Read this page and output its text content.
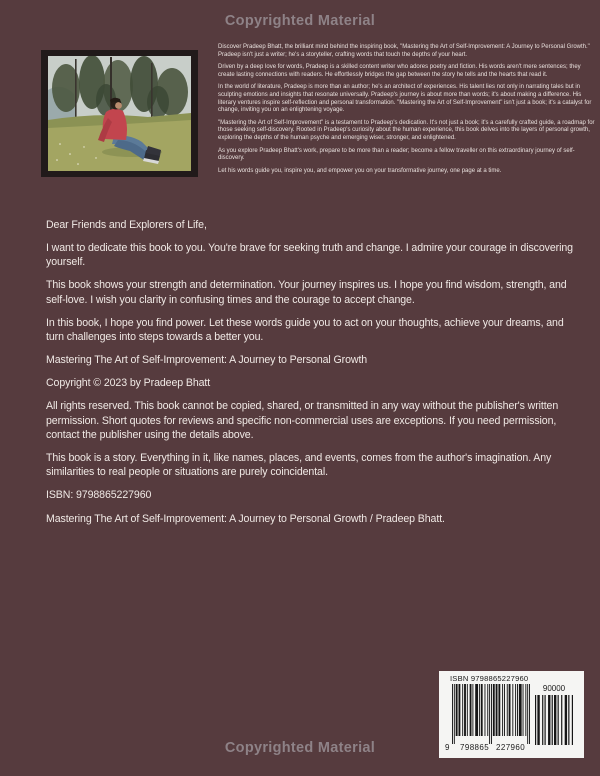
Copyrighted Material

Discover Pradeep Bhatt, the brilliant mind behind the inspiring book, "Mastering the Art of Self-Improvement: A Journey to Personal Growth." Pradeep isn't just a writer; he's a storyteller, crafting words that touch the depths of your heart.

Driven by a deep love for words, Pradeep is a skilled content writer who adores poetry and fiction. His words aren't mere sentences; they create lasting connections with readers. He effortlessly bridges the gap between the story he tells and the hearts that read it.

In the world of literature, Pradeep is more than an author; he's an architect of experiences. His talent lies not only in narrating tales but in sculpting emotions and insights that resonate universally. Pradeep's journey is about more than words; it's about making a difference. His literary ventures inspire self-reflection and personal transformation. "Mastering the Art of Self-Improvement" isn't just a book; it's a catalyst for change, inviting you on an enlightening voyage.

"Mastering the Art of Self-Improvement" is a testament to Pradeep's dedication. It's not just a book; it's a carefully crafted guide, a roadmap for those seeking self-discovery. Rooted in Pradeep's curiosity about the human experience, this book delves into the layers of personal growth, exploring the depths of the human psyche and emerging wiser, stronger, and enlightened.

As you explore Pradeep Bhatt's work, prepare to be more than a reader; become a fellow traveller on this extraordinary journey of self-discovery.

Let his words guide you, inspire you, and empower you on your transformative journey, one page at a time.

Dear Friends and Explorers of Life,

I want to dedicate this book to you. You're brave for seeking truth and change. I admire your courage in discovering yourself.

This book shows your strength and determination. Your journey inspires us. I hope you find wisdom, strength, and self-love. I wish you clarity in confusing times and the courage to accept change.

In this book, I hope you find power. Let these words guide you to act on your thoughts, achieve your dreams, and turn challenges into steps towards a better you.

Mastering The Art of Self-Improvement: A Journey to Personal Growth

Copyright © 2023 by Pradeep Bhatt

All rights reserved. This book cannot be copied, shared, or transmitted in any way without the publisher's written permission. Short quotes for reviews and specific non-commercial uses are exceptions. If you need permission, contact the publisher using the details above.

This book is a story. Everything in it, like names, places, and events, comes from the author's imagination. Any similarities to real people or situations are purely coincidental.

ISBN: 9798865227960

Mastering The Art of Self-Improvement: A Journey to Personal Growth / Pradeep Bhatt.

ISBN 9798865227960
90000
9 798865 227960
Copyrighted Material
